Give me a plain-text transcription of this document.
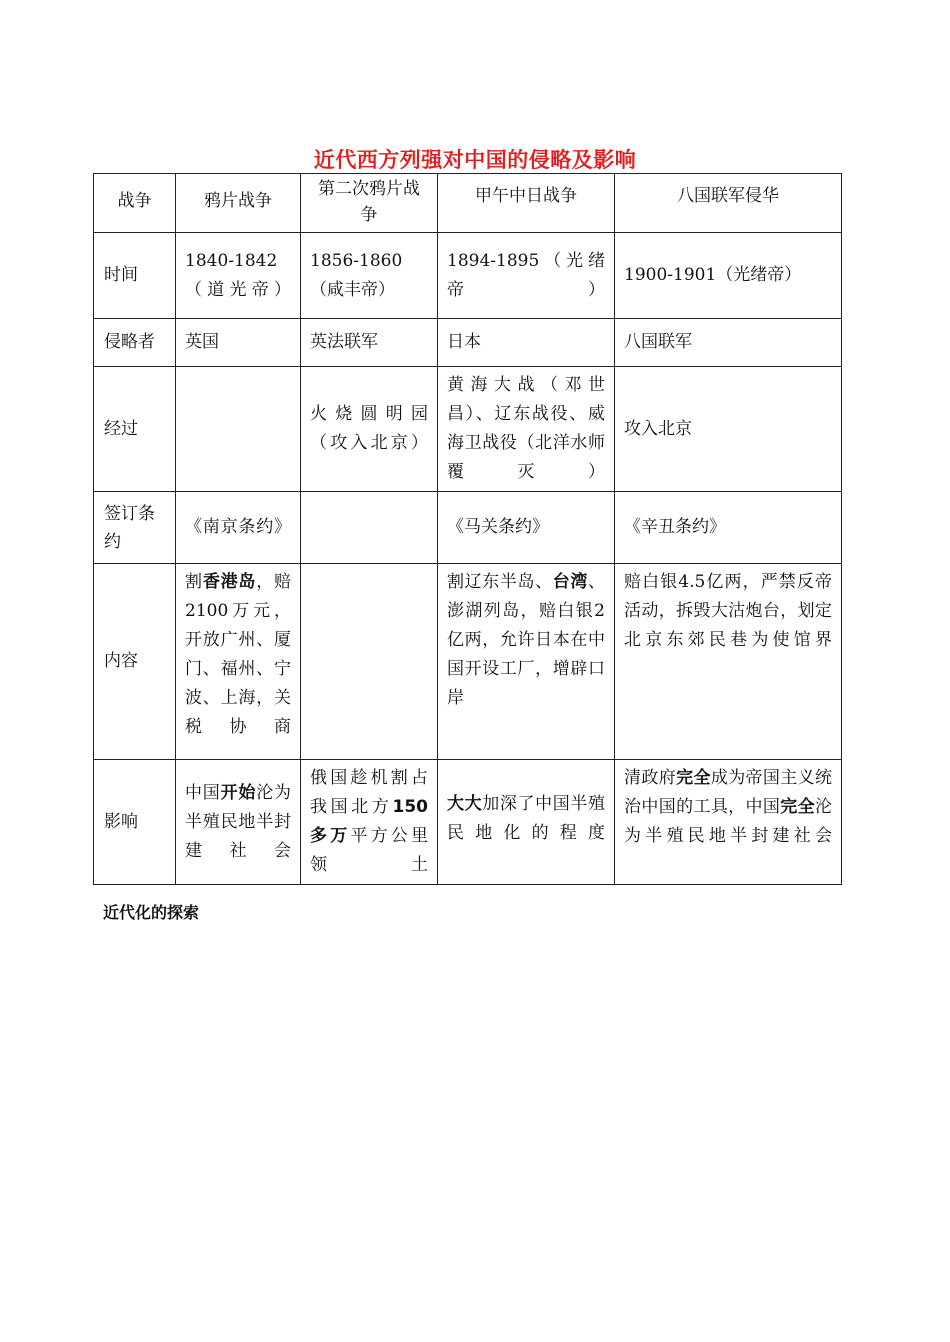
近代西方列强对中国的侵略及影响
战争	鸦片战争	第二次鸦片战争	甲午中日战争	八国联军侵华
时间	1840-1842（道光帝）	1856-1860（咸丰帝）	1894-1895（光绪帝）	1900-1901（光绪帝）
侵略者	英国	英法联军	日本	八国联军
经过		火烧圆明园（攻入北京）	黄海大战（邓世昌）、辽东战役、威海卫战役（北洋水师覆灭）	攻入北京
签订条约	《南京条约》		《马关条约》	《辛丑条约》
内容	割香港岛，赔2100万元，开放广州、厦门、福州、宁波、上海，关税协商		割辽东半岛、台湾、澎湖列岛，赔白银2亿两，允许日本在中国开设工厂，增辟口岸	赔白银4.5亿两，严禁反帝活动，拆毁大沽炮台，划定北京东郊民巷为使馆界
影响	中国开始沦为半殖民地半封建社会	俄国趁机割占我国北方150多万平方公里领土	大大加深了中国半殖民地化的程度	清政府完全成为帝国主义统治中国的工具，中国完全沦为半殖民地半封建社会
近代化的探索
